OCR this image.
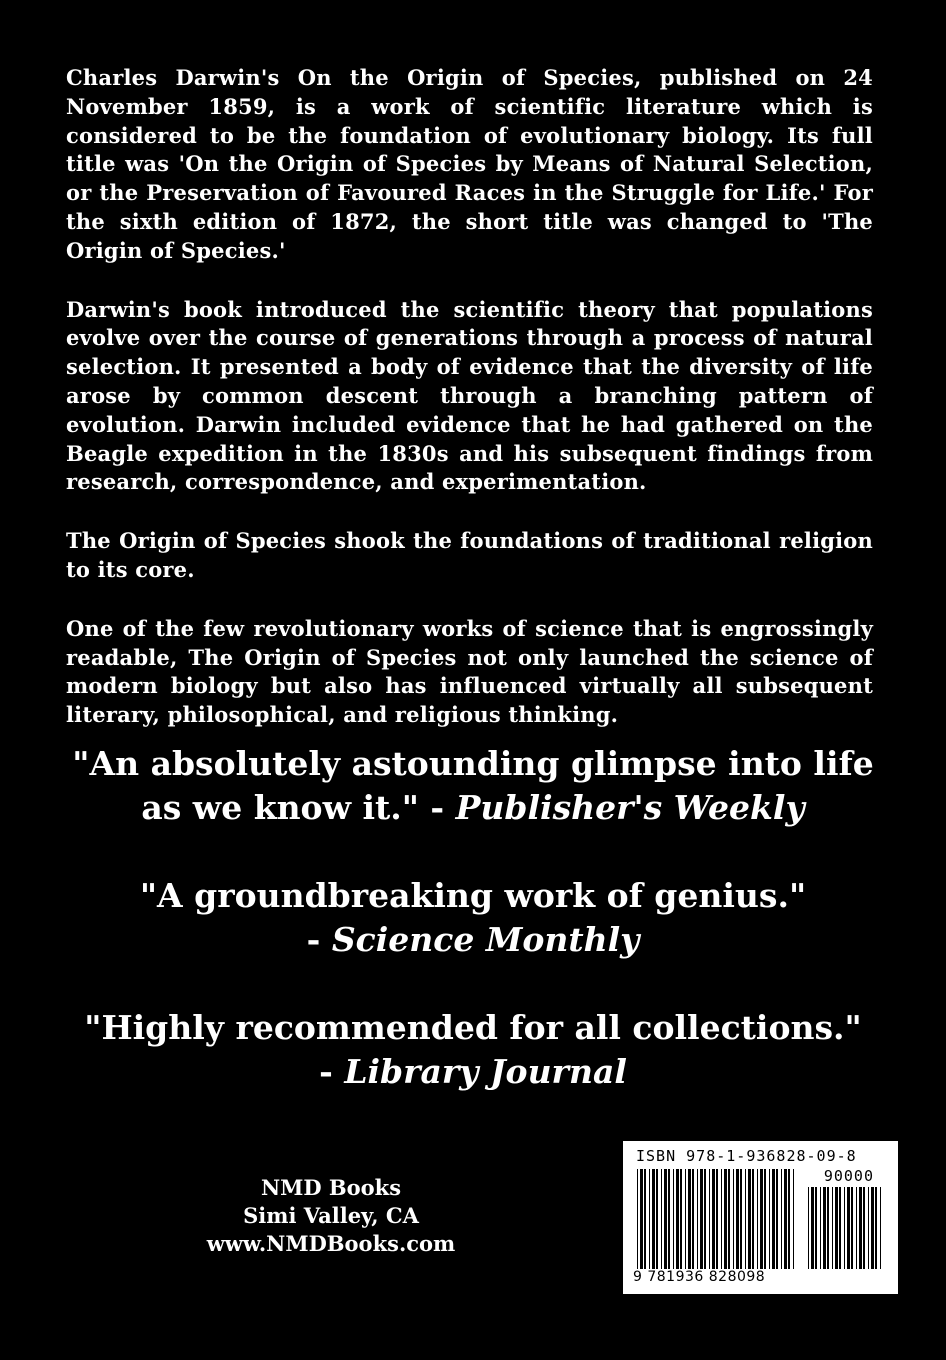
Charles Darwin's On the Origin of Species, published on 24 November 1859, is a work of scientific literature which is considered to be the foundation of evolutionary biology. Its full title was 'On the Origin of Species by Means of Natural Selection, or the Preservation of Favoured Races in the Struggle for Life.' For the sixth edition of 1872, the short title was changed to 'The Origin of Species.'

Darwin's book introduced the scientific theory that populations evolve over the course of generations through a process of natural selection. It presented a body of evidence that the diversity of life arose by common descent through a branching pattern of evolution. Darwin included evidence that he had gathered on the Beagle expedition in the 1830s and his subsequent findings from research, correspondence, and experimentation.

The Origin of Species shook the foundations of traditional religion to its core.

One of the few revolutionary works of science that is engrossingly readable, The Origin of Species not only launched the science of modern biology but also has influenced virtually all subsequent literary, philosophical, and religious thinking.

"An absolutely astounding glimpse into life
as we know it." - Publisher's Weekly
"A groundbreaking work of genius."
- Science Monthly
"Highly recommended for all collections."
- Library Journal
NMD Books
Simi Valley, CA
www.NMDBooks.com
ISBN 978-1-936828-09-8
90000
9 781936 828098
